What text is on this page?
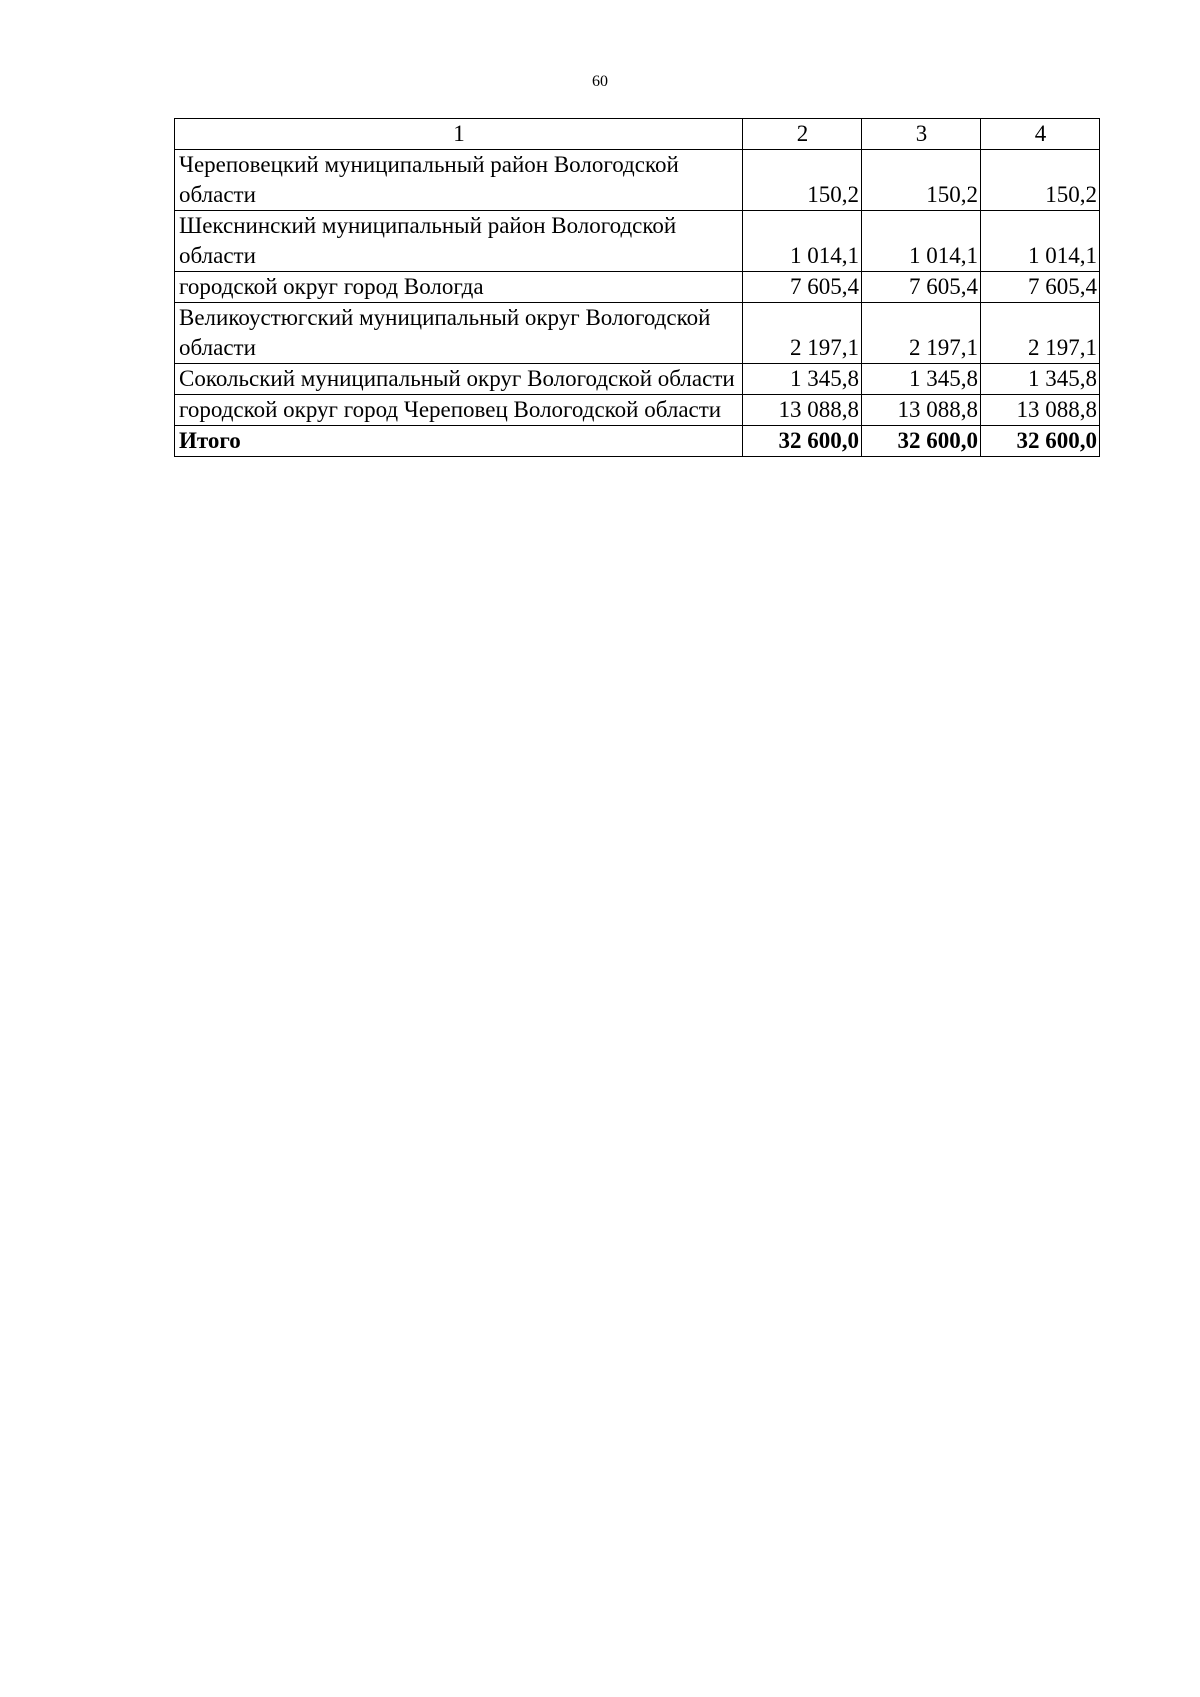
60
1	2	3	4
Череповецкий муниципальный район Вологодской области	150,2	150,2	150,2
Шекснинский муниципальный район Вологодской области	1 014,1	1 014,1	1 014,1
городской округ город Вологда	7 605,4	7 605,4	7 605,4
Великоустюгский муниципальный округ Вологодской области	2 197,1	2 197,1	2 197,1
Сокольский муниципальный округ Вологодской области	1 345,8	1 345,8	1 345,8
городской округ город Череповец Вологодской области	13 088,8	13 088,8	13 088,8
Итого	32 600,0	32 600,0	32 600,0
